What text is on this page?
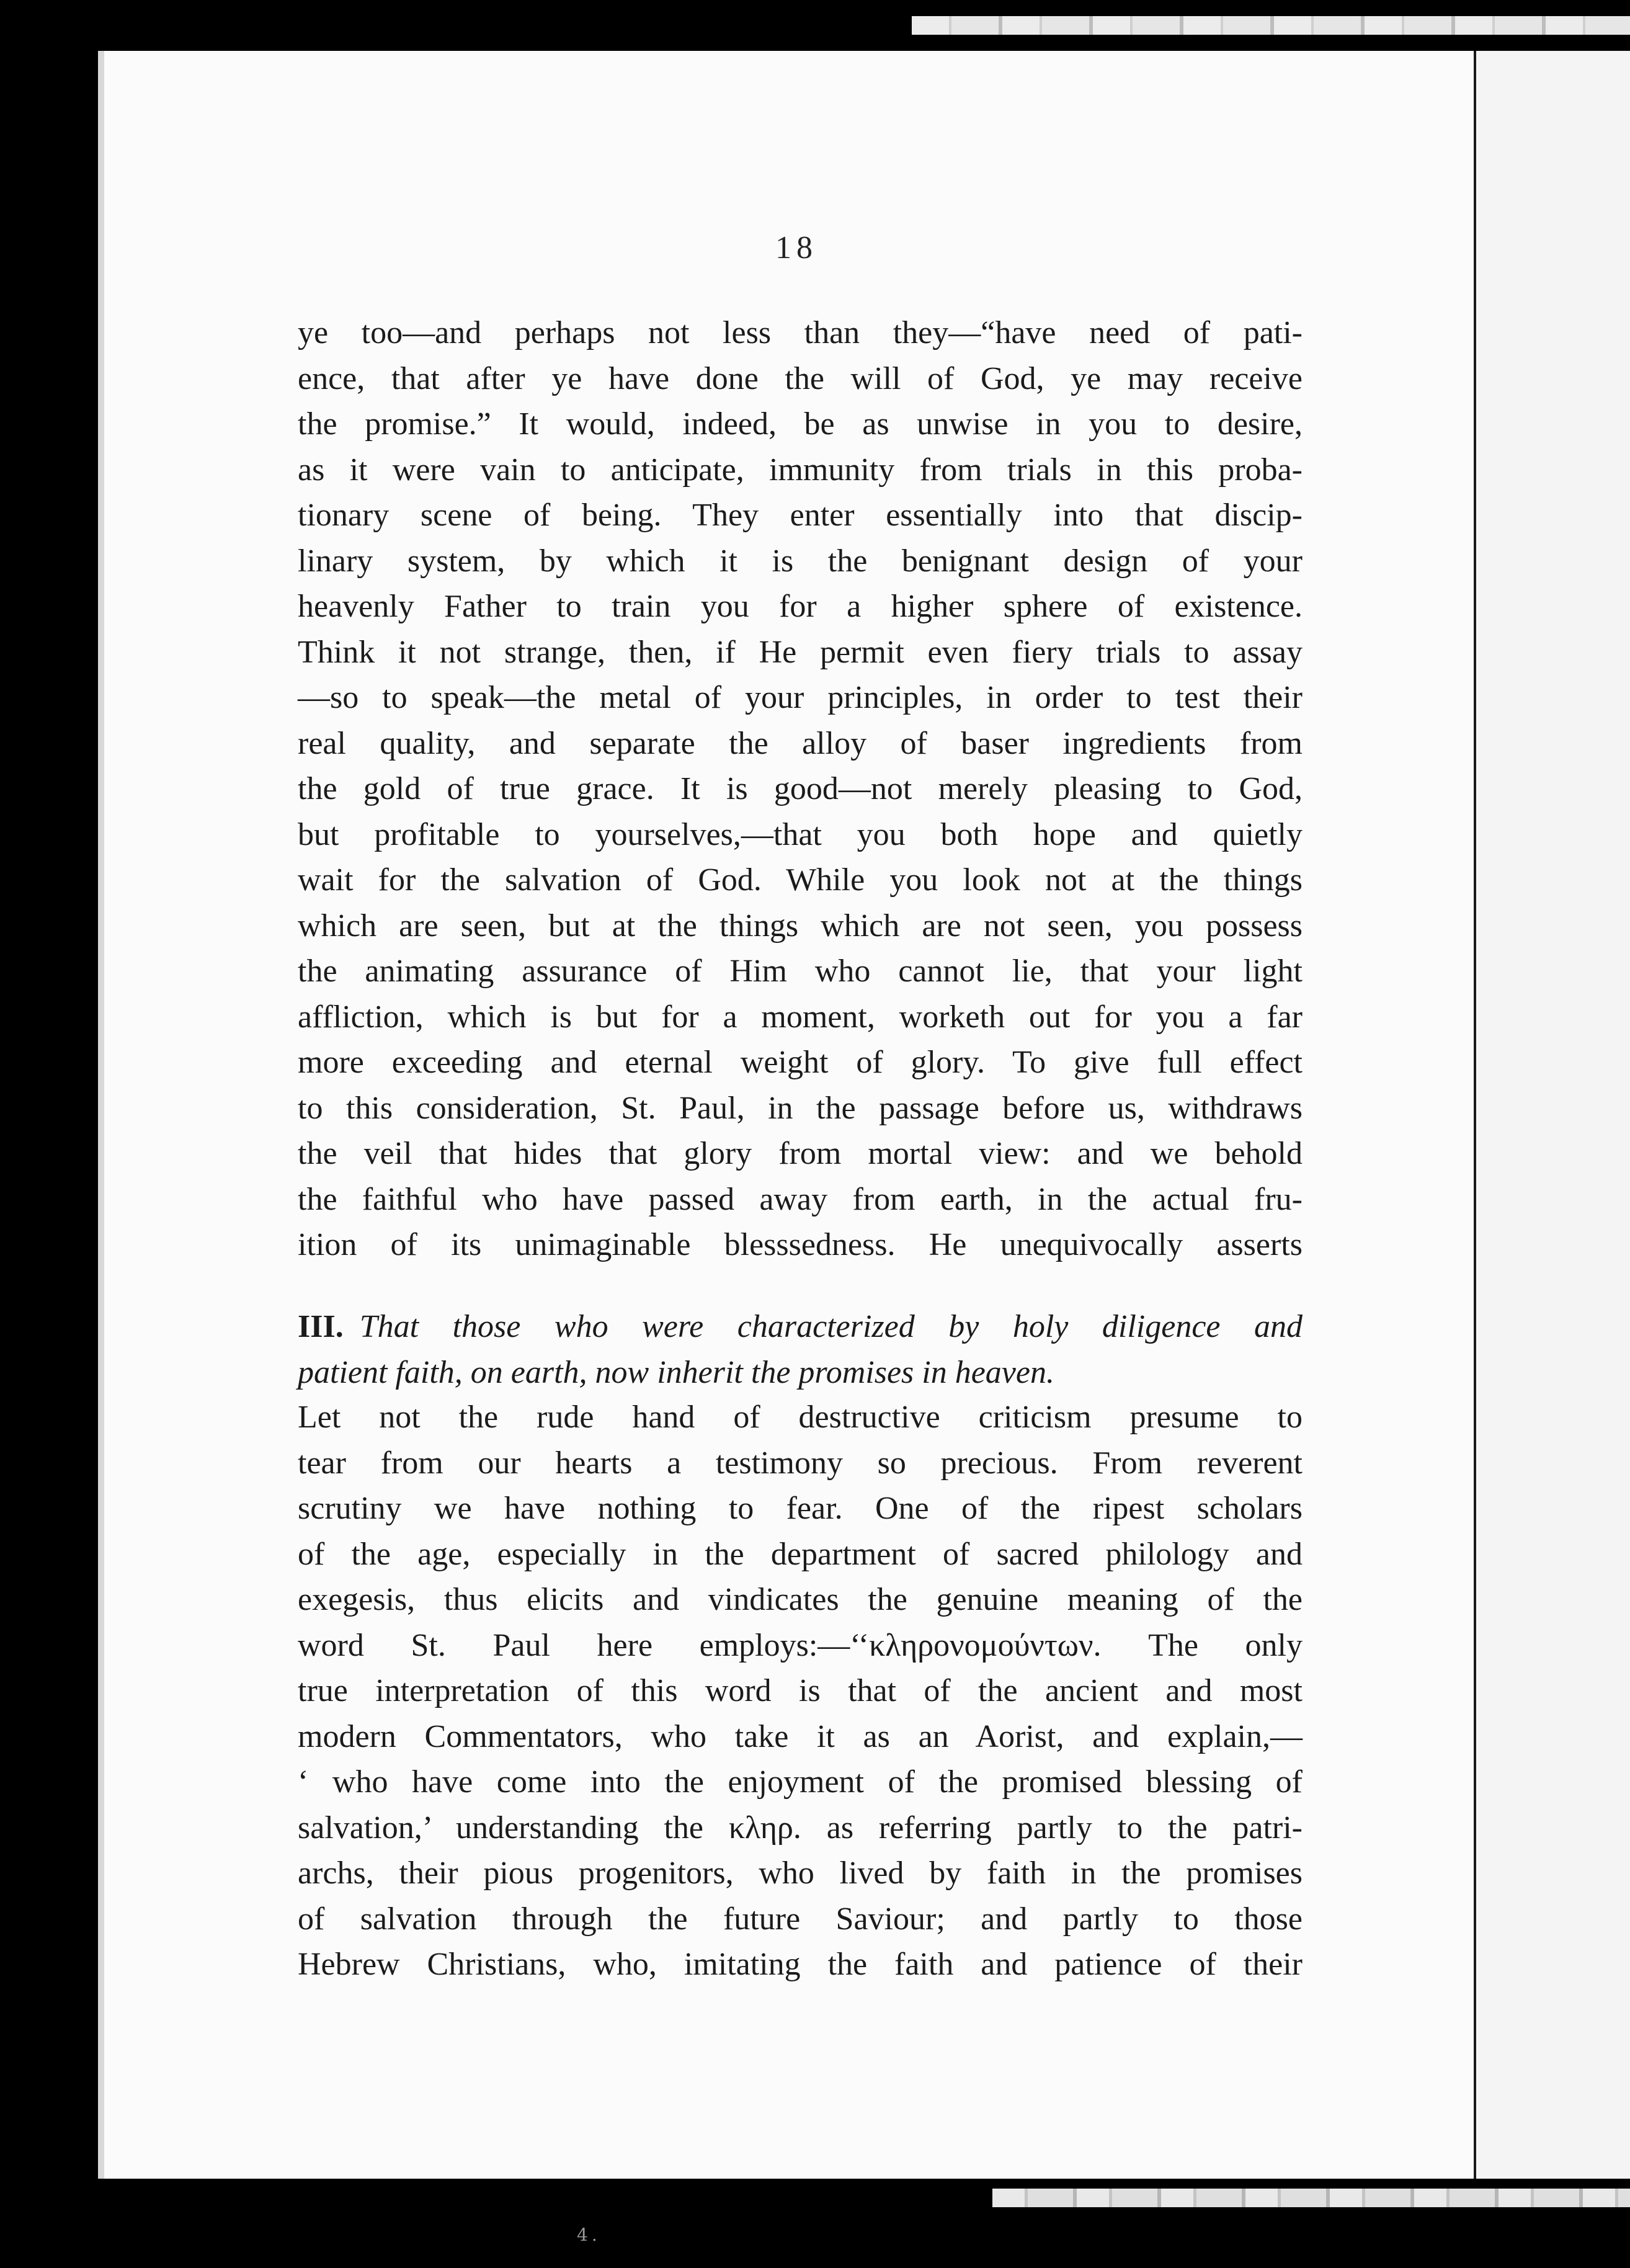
18
ye too—and perhaps not less than they—“have need of pati-
ence, that after ye have done the will of God, ye may receive
the promise.” It would, indeed, be as unwise in you to desire,
as it were vain to anticipate, immunity from trials in this proba-
tionary scene of being. They enter essentially into that discip-
linary system, by which it is the benignant design of your
heavenly Father to train you for a higher sphere of existence.
Think it not strange, then, if He permit even fiery trials to assay
—so to speak—the metal of your principles, in order to test their
real quality, and separate the alloy of baser ingredients from
the gold of true grace. It is good—not merely pleasing to God,
but profitable to yourselves,—that you both hope and quietly
wait for the salvation of God. While you look not at the things
which are seen, but at the things which are not seen, you possess
the animating assurance of Him who cannot lie, that your light
affliction, which is but for a moment, worketh out for you a far
more exceeding and eternal weight of glory. To give full effect
to this consideration, St. Paul, in the passage before us, withdraws
the veil that hides that glory from mortal view: and we behold
the faithful who have passed away from earth, in the actual fru-
ition of its unimaginable blesssedness. He unequivocally asserts
III. That those who were characterized by holy diligence and
patient faith, on earth, now inherit the promises in heaven.
Let not the rude hand of destructive criticism presume to
tear from our hearts a testimony so precious. From reverent
scrutiny we have nothing to fear. One of the ripest scholars
of the age, especially in the department of sacred philology and
exegesis, thus elicits and vindicates the genuine meaning of the
word St. Paul here employs:—‘‘κληρονομούντων. The only
true interpretation of this word is that of the ancient and most
modern Commentators, who take it as an Aorist, and explain,—
‘ who have come into the enjoyment of the promised blessing of
salvation,’ understanding the κληρ. as referring partly to the patri-
archs, their pious progenitors, who lived by faith in the promises
of salvation through the future Saviour; and partly to those
Hebrew Christians, who, imitating the faith and patience of their
4.
